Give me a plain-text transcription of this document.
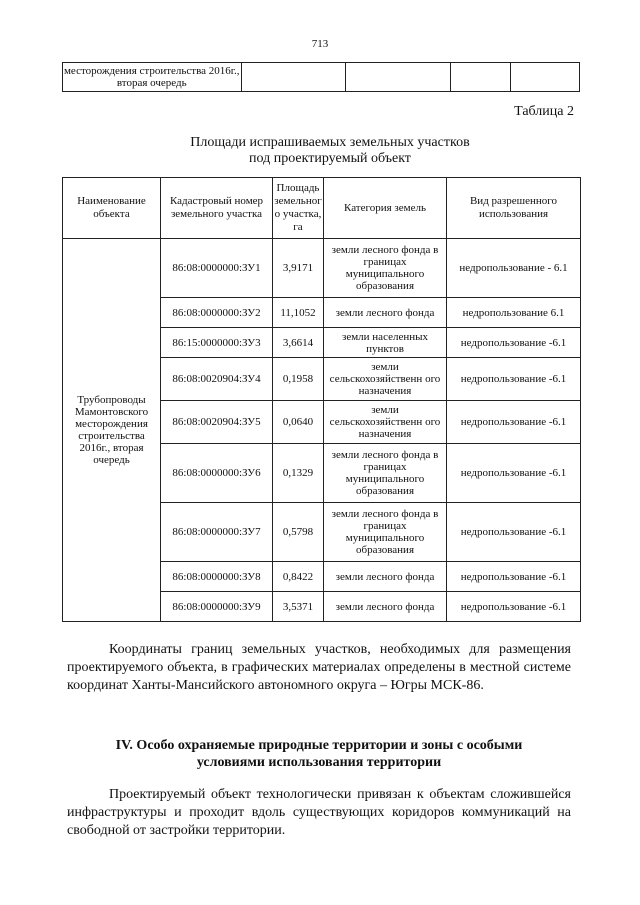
713
месторождения строительства 2016г., вторая очередь				
Таблица 2
Площади испрашиваемых земельных участков
под проектируемый объект
Наименование объекта	Кадастровый номер земельного участка	Площадь земельног о участка, га	Категория земель	Вид разрешенного использования
Трубопроводы Мамонтовского месторождения строительства 2016г., вторая очередь	86:08:0000000:ЗУ1	3,9171	земли лесного фонда в границах муниципального образования	недропользование - 6.1
	86:08:0000000:ЗУ2	11,1052	земли лесного фонда	недропользование 6.1
	86:15:0000000:ЗУ3	3,6614	земли населенных пунктов	недропользование -6.1
	86:08:0020904:ЗУ4	0,1958	земли сельскохозяйственн ого назначения	недропользование -6.1
	86:08:0020904:ЗУ5	0,0640	земли сельскохозяйственн ого назначения	недропользование -6.1
	86:08:0000000:ЗУ6	0,1329	земли лесного фонда в границах муниципального образования	недропользование -6.1
	86:08:0000000:ЗУ7	0,5798	земли лесного фонда в границах муниципального образования	недропользование -6.1
	86:08:0000000:ЗУ8	0,8422	земли лесного фонда	недропользование -6.1
	86:08:0000000:ЗУ9	3,5371	земли лесного фонда	недропользование -6.1
Координаты границ земельных участков, необходимых для размещения проектируемого объекта, в графических материалах определены в местной системе координат Ханты-Мансийского автономного округа – Югры МСК-86.
IV. Особо охраняемые природные территории и зоны с особыми
условиями использования территории
Проектируемый объект технологически привязан к объектам сложившейся инфраструктуры и проходит вдоль существующих коридоров коммуникаций на свободной от застройки территории.
